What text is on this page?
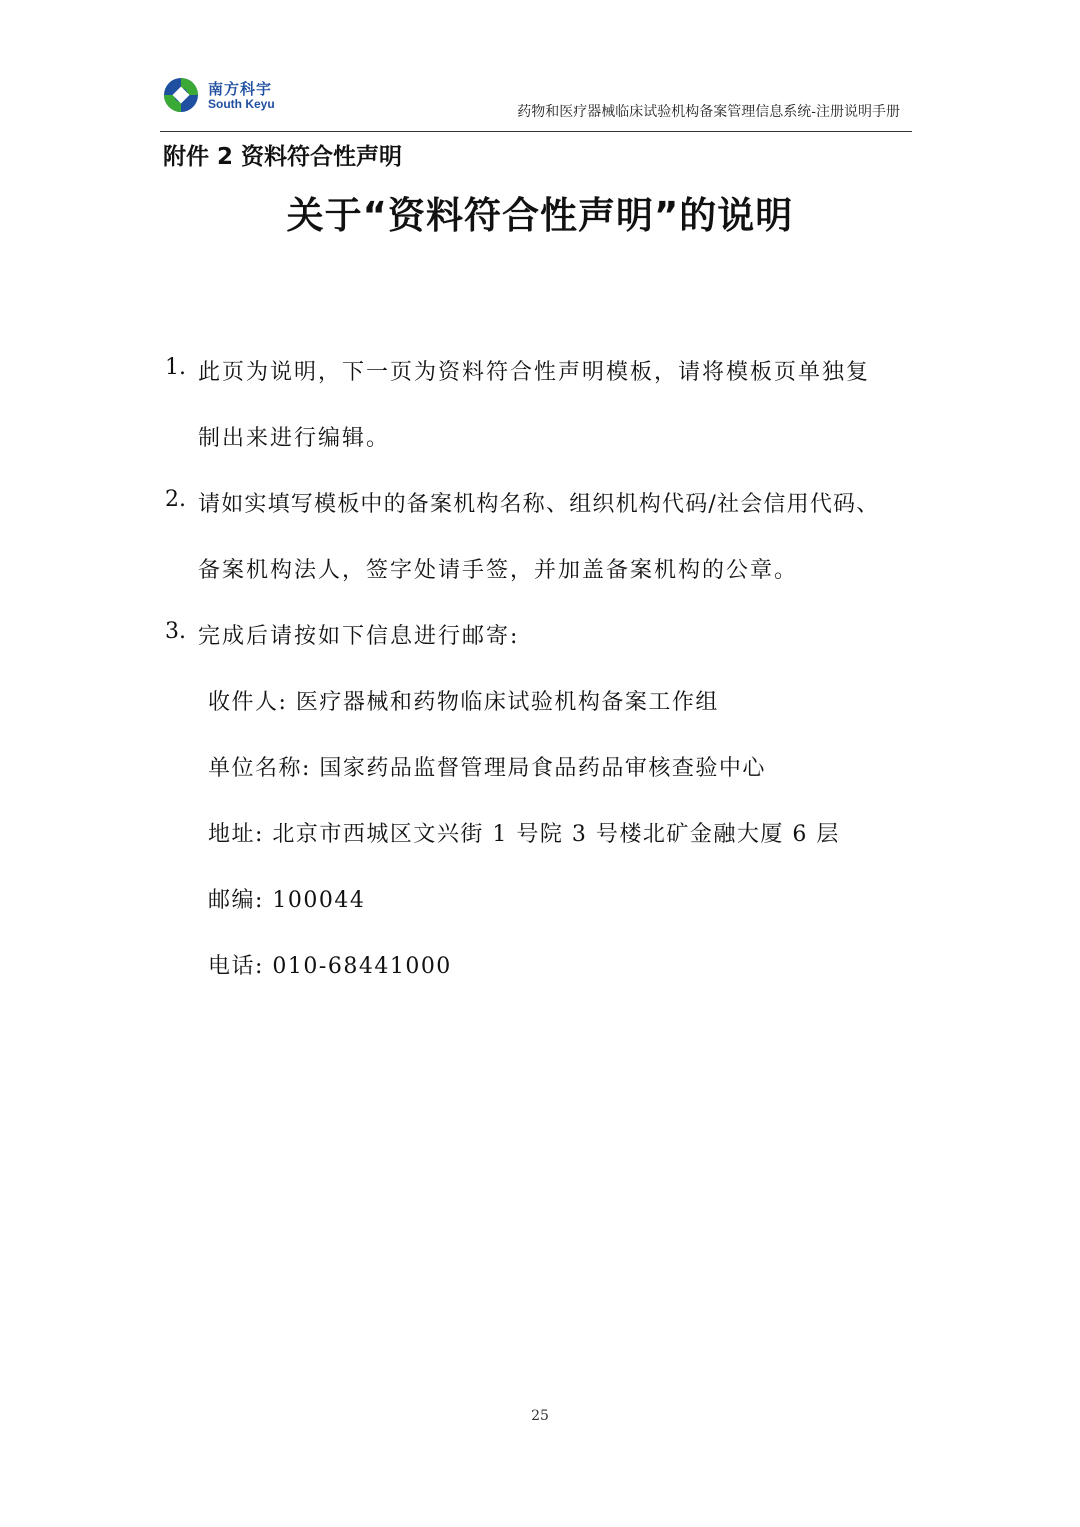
南方科宇
South Keyu	药物和医疗器械临床试验机构备案管理信息系统-注册说明手册
附件 2 资料符合性声明
关于“资料符合性声明”的说明
1. 此页为说明，下一页为资料符合性声明模板，请将模板页单独复
制出来进行编辑。
2. 请如实填写模板中的备案机构名称、组织机构代码/社会信用代码、
备案机构法人，签字处请手签，并加盖备案机构的公章。
3. 完成后请按如下信息进行邮寄:
收件人: 医疗器械和药物临床试验机构备案工作组
单位名称: 国家药品监督管理局食品药品审核查验中心
地址: 北京市西城区文兴街 1 号院 3 号楼北矿金融大厦 6 层
邮编: 100044
电话: 010-68441000
25
